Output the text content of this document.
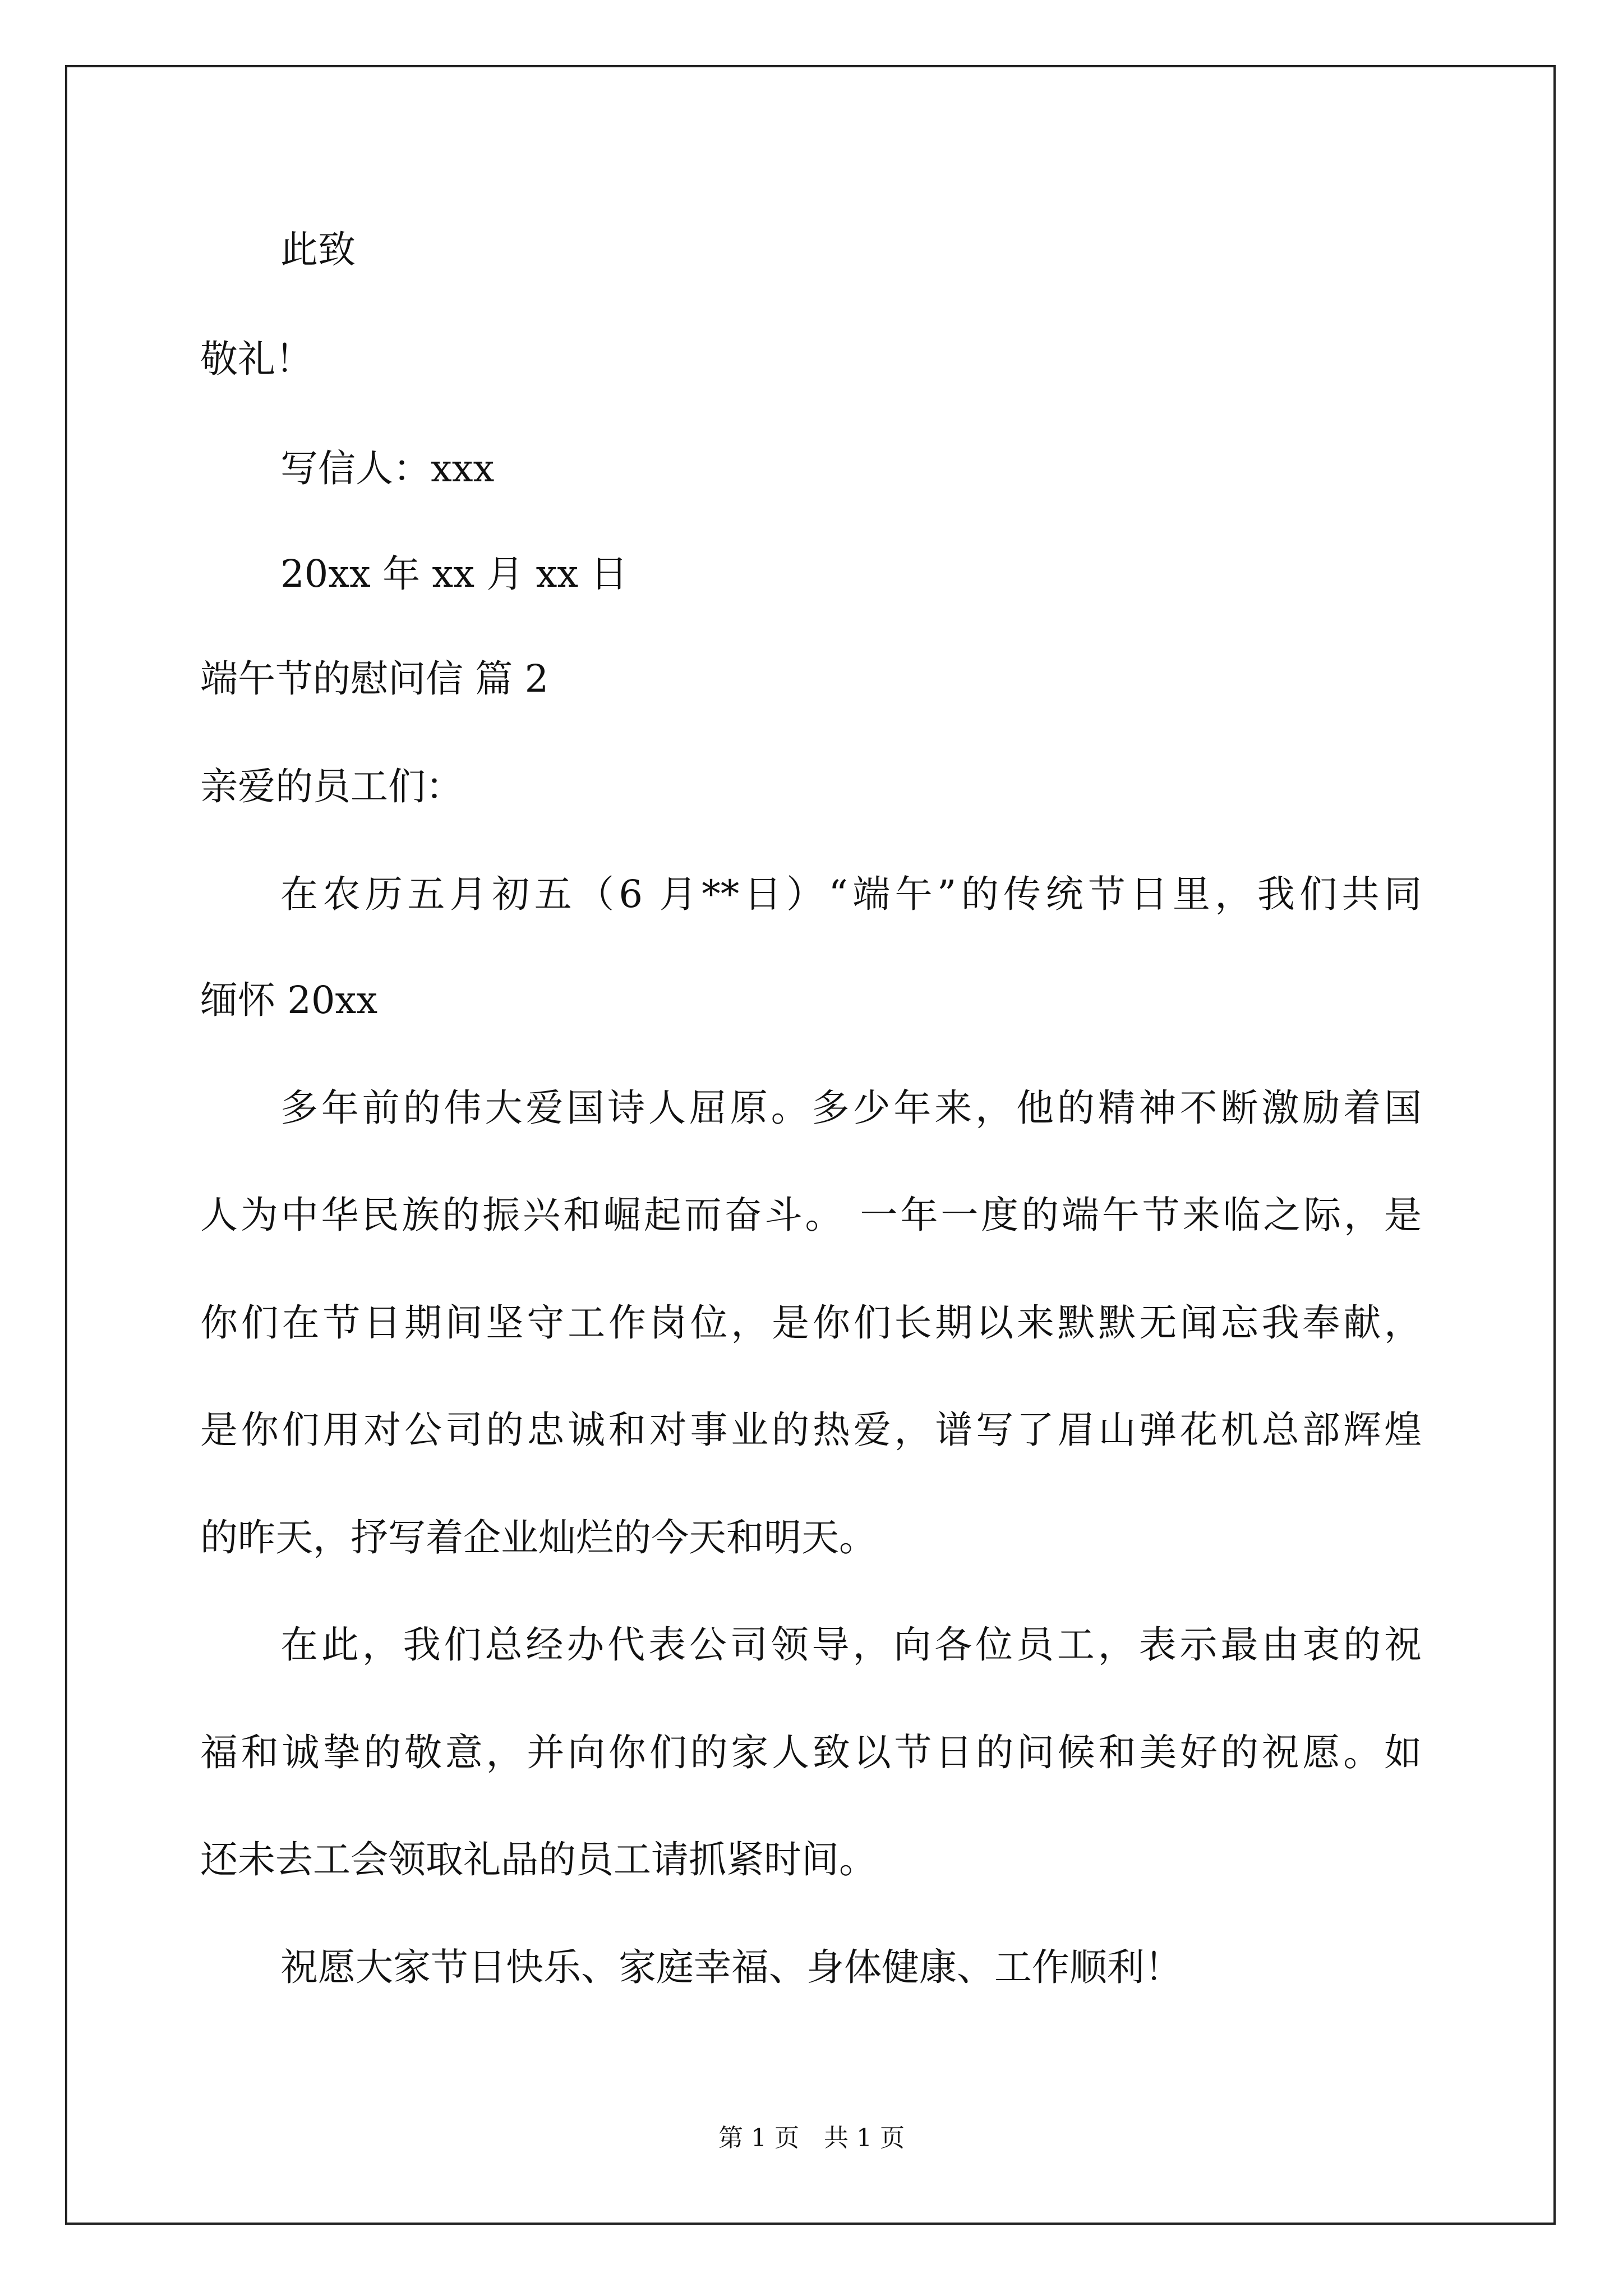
此致
敬礼！
写信人：xxx
20xx 年 xx 月 xx 日
端午节的慰问信 篇 2
亲爱的员工们：
在农历五月初五（6 月**日）“端午”的传统节日里，我们共同
缅怀 20xx
多年前的伟大爱国诗人屈原。多少年来，他的精神不断激励着国
人为中华民族的振兴和崛起而奋斗。 一年一度的端午节来临之际，是
你们在节日期间坚守工作岗位，是你们长期以来默默无闻忘我奉献，
是你们用对公司的忠诚和对事业的热爱，谱写了眉山弹花机总部辉煌
的昨天，抒写着企业灿烂的今天和明天。
在此，我们总经办代表公司领导，向各位员工，表示最由衷的祝
福和诚挚的敬意，并向你们的家人致以节日的问候和美好的祝愿。如
还未去工会领取礼品的员工请抓紧时间。
祝愿大家节日快乐、家庭幸福、身体健康、工作顺利！
第 1 页　共 1 页
